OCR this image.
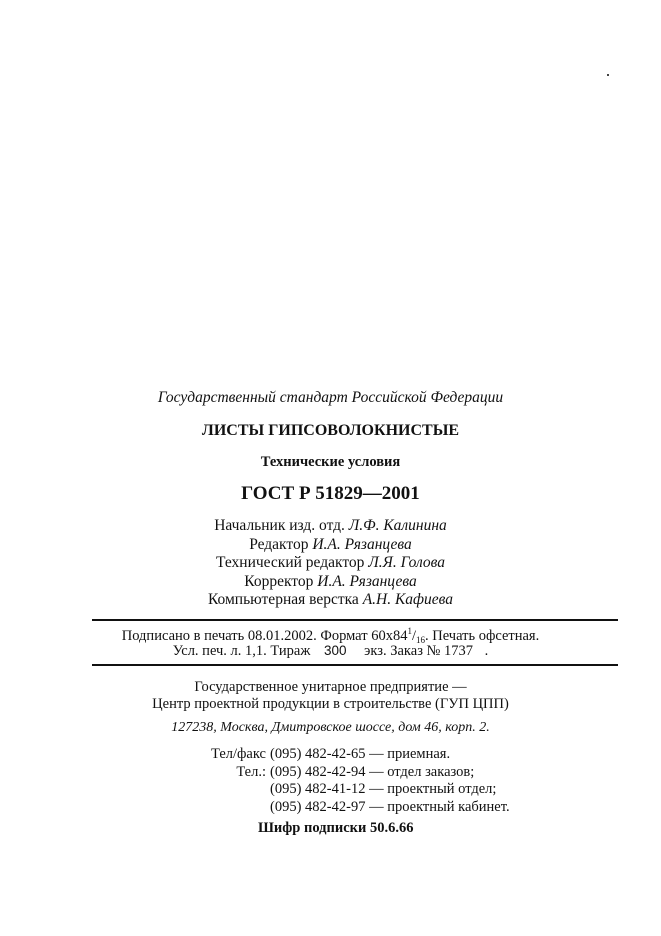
Государственный стандарт Российской Федерации
ЛИСТЫ ГИПСОВОЛОКНИСТЫЕ
Технические условия
ГОСТ Р 51829—2001
Начальник изд. отд. Л.Ф. Калинина
Редактор И.А. Рязанцева
Технический редактор Л.Я. Голова
Корректор И.А. Рязанцева
Компьютерная верстка А.Н. Кафиева
Подписано в печать 08.01.2002. Формат $60x84^1/_{16}$. Печать офсетная.
Усл. печ. л. 1,1. Тираж 300 экз. Заказ № 1737 .
Государственное унитарное предприятие —
Центр проектной продукции в строительстве (ГУП ЦПП)
127238, Москва, Дмитровское шоссе, дом 46, корп. 2.
Тел/факс (095) 482-42-65
— приемная.
Тел.: (095) 482-42-94
— отдел заказов;
(095) 482-41-12
— проектный отдел;
(095) 482-42-97
— проектный кабинет.
Шифр подписки 50.6.66
